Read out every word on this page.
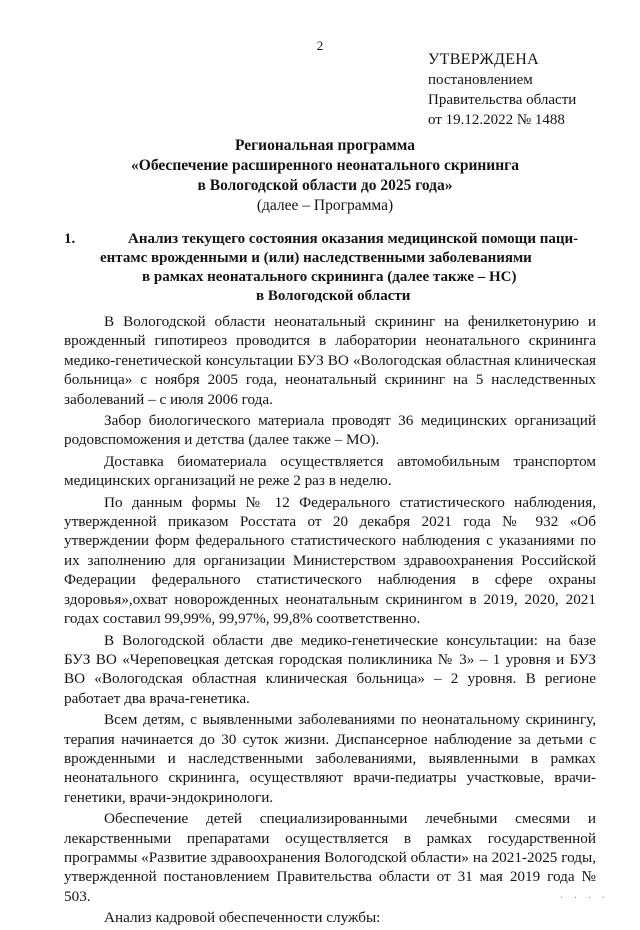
2
УТВЕРЖДЕНА
постановлением
Правительства области
от 19.12.2022 № 1488
Региональная программа
«Обеспечение расширенного неонатального скрининга
в Вологодской области до 2025 года»
(далее – Программа)
1.	Анализ текущего состояния оказания медицинской помощи паци-
ентамс врожденными и (или) наследственными заболеваниями
в рамках неонатального скрининга (далее также – НС)
в Вологодской области

В Вологодской области неонатальный скрининг на фенилкетонурию и врожденный гипотиреоз проводится в лаборатории неонатального скрининга медико-генетической консультации БУЗ ВО «Вологодская областная клиническая больница» с ноября 2005 года, неонатальный скрининг на 5 наследственных заболеваний – с июля 2006 года.

Забор биологического материала проводят 36 медицинских организаций родовспоможения и детства (далее также – МО).

Доставка биоматериала осуществляется автомобильным транспортом медицинских организаций не реже 2 раз в неделю.

По данным формы № 12 Федерального статистического наблюдения, утвержденной приказом Росстата от 20 декабря 2021 года № 932 «Об утверждении форм федерального статистического наблюдения с указаниями по их заполнению для организации Министерством здравоохранения Российской Федерации федерального статистического наблюдения в сфере охраны здоровья»,охват новорожденных неонатальным скринингом в 2019, 2020, 2021 годах составил 99,99%, 99,97%, 99,8% соответственно.

В Вологодской области две медико-генетические консультации: на базе БУЗ ВО «Череповецкая детская городская поликлиника № 3» – 1 уровня и БУЗ ВО «Вологодская областная клиническая больница» – 2 уровня. В регионе работает два врача-генетика.

Всем детям, с выявленными заболеваниями по неонатальному скринингу, терапия начинается до 30 суток жизни. Диспансерное наблюдение за детьми с врожденными и наследственными заболеваниями, выявленными в рамках неонатального скрининга, осуществляют врачи-педиатры участковые, врачи-генетики, врачи-эндокринологи.

Обеспечение детей специализированными лечебными смесями и лекарственными препаратами осуществляется в рамках государственной программы «Развитие здравоохранения Вологодской области» на 2021-2025 годы, утвержденной постановлением Правительства области от 31 мая 2019 года № 503.

Анализ кадровой обеспеченности службы:

· · · ·
